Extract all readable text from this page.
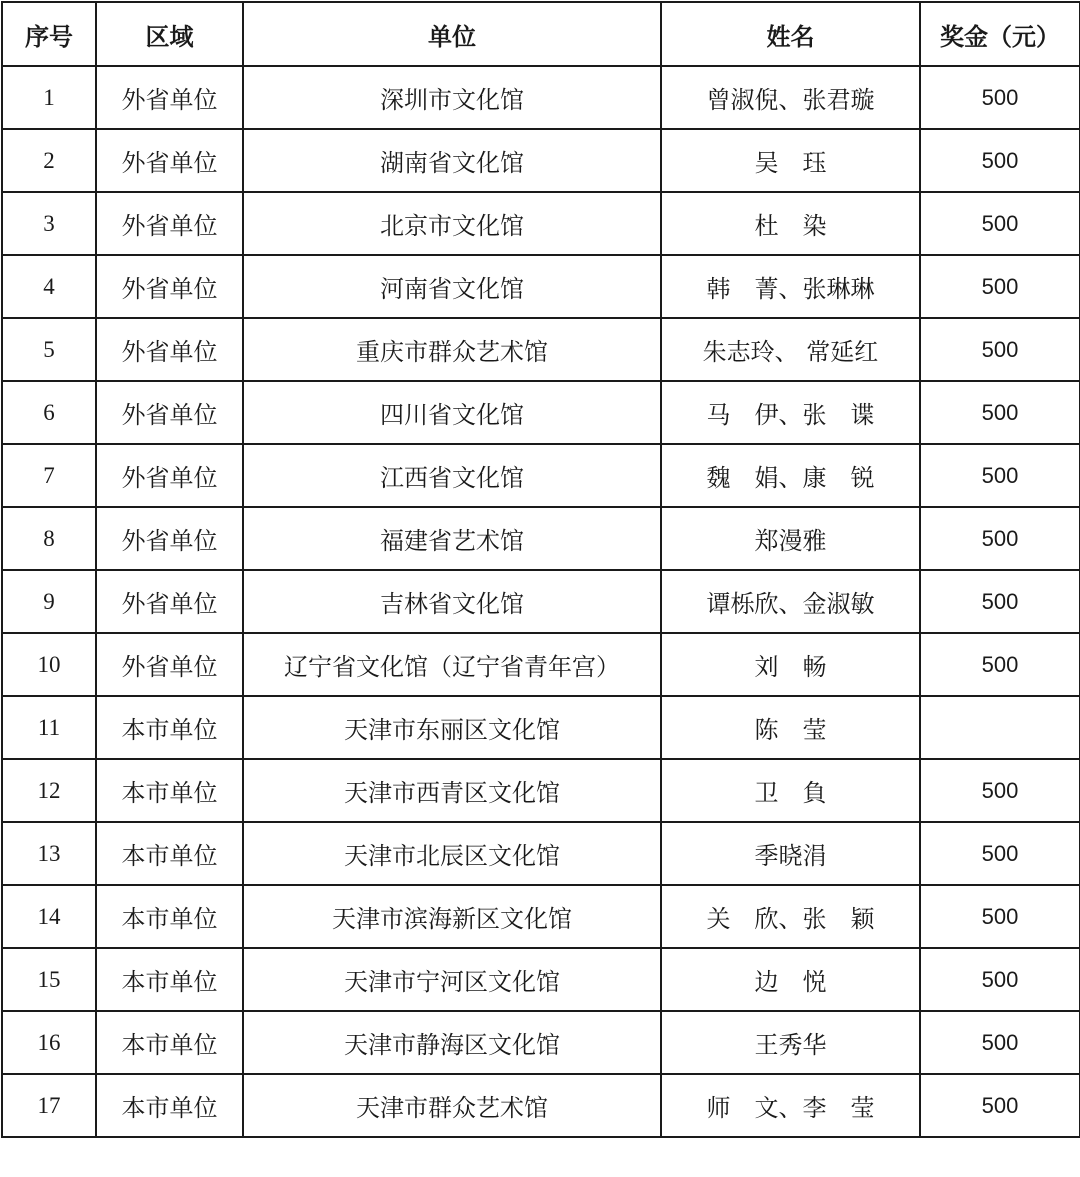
序号	区域	单位	姓名	奖金（元）
1	外省单位	深圳市文化馆	曾淑倪、张君璇	500
2	外省单位	湖南省文化馆	吴　珏	500
3	外省单位	北京市文化馆	杜　染	500
4	外省单位	河南省文化馆	韩　菁、张琳琳	500
5	外省单位	重庆市群众艺术馆	朱志玲、 常延红	500
6	外省单位	四川省文化馆	马　伊、张　谍	500
7	外省单位	江西省文化馆	魏　娟、康　锐	500
8	外省单位	福建省艺术馆	郑漫雅	500
9	外省单位	吉林省文化馆	谭栎欣、金淑敏	500
10	外省单位	辽宁省文化馆（辽宁省青年宫）	刘　畅	500
11	本市单位	天津市东丽区文化馆	陈　莹	
12	本市单位	天津市西青区文化馆	卫　負	500
13	本市单位	天津市北辰区文化馆	季晓涓	500
14	本市单位	天津市滨海新区文化馆	关　欣、张　颖	500
15	本市单位	天津市宁河区文化馆	边　悦	500
16	本市单位	天津市静海区文化馆	王秀华	500
17	本市单位	天津市群众艺术馆	师　文、李　莹	500
